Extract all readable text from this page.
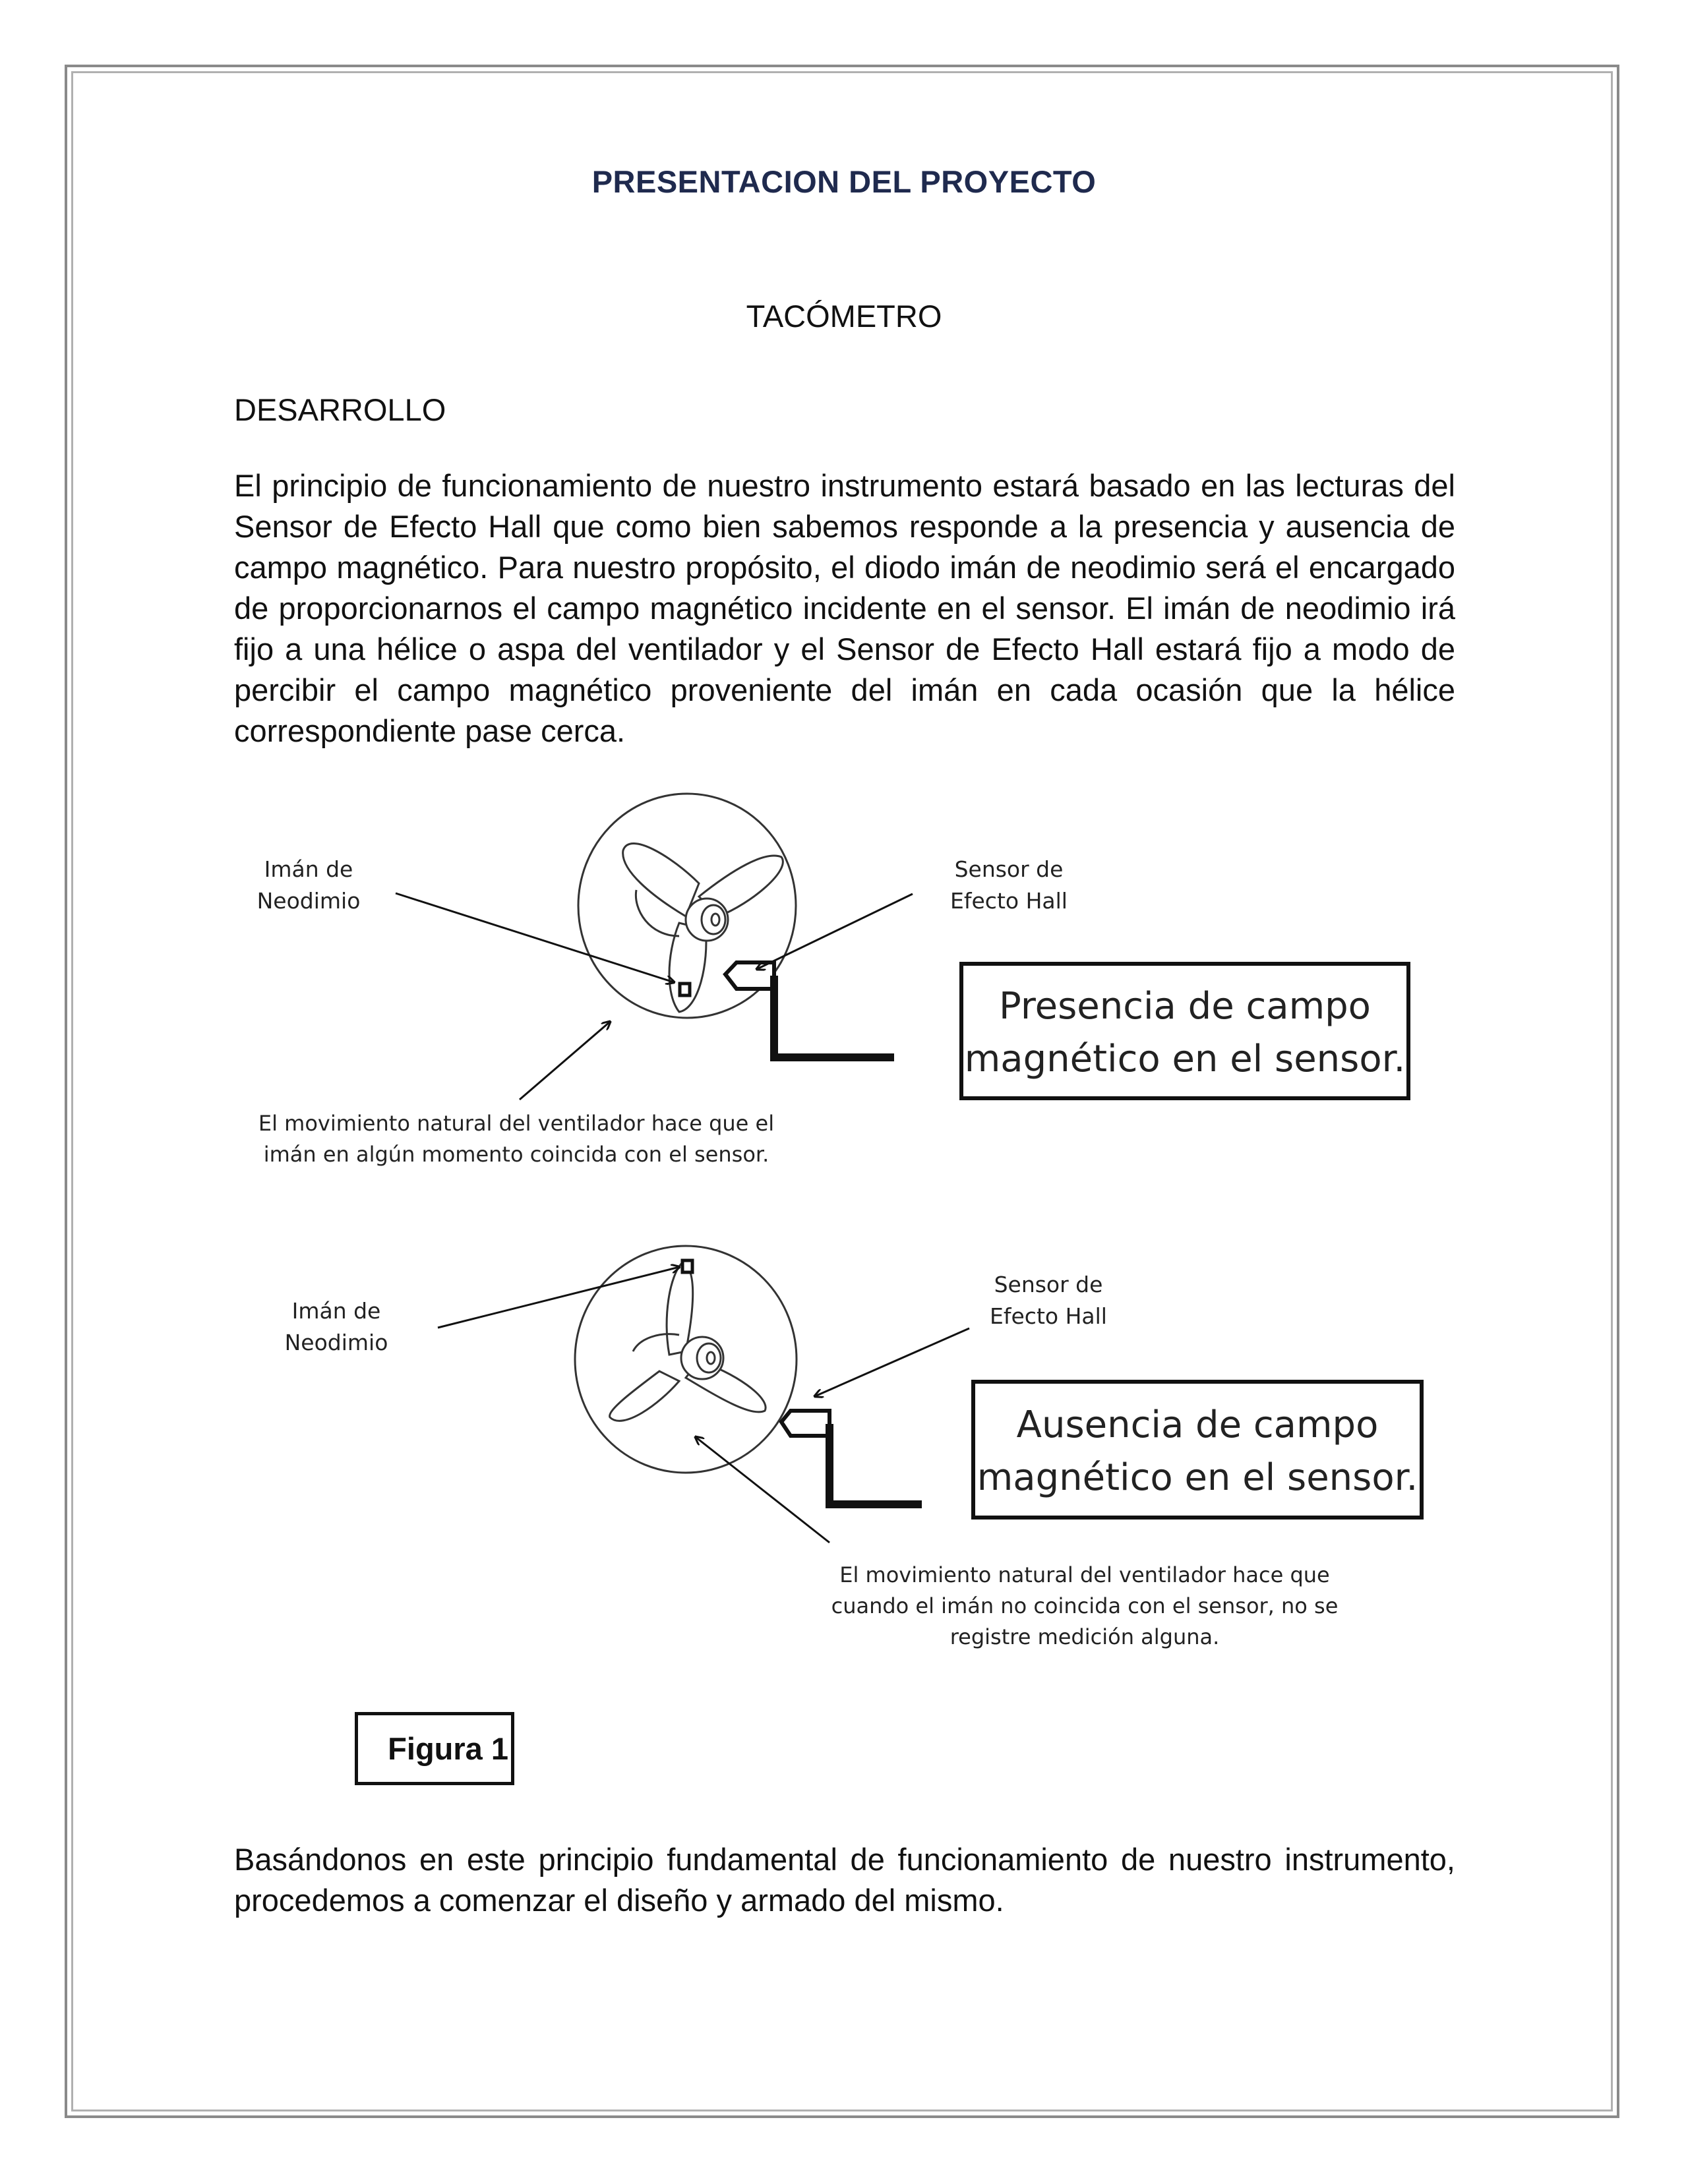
PRESENTACION DEL PROYECTO
TACÓMETRO
DESARROLLO

El principio de funcionamiento de nuestro instrumento estará basado en las lecturas del Sensor de Efecto Hall que como bien sabemos responde a la presencia y ausencia de campo magnético. Para nuestro propósito, el diodo imán de neodimio será el encargado de proporcionarnos el campo magnético incidente en el sensor. El imán de neodimio irá fijo a una hélice o aspa del ventilador y el Sensor de Efecto Hall estará fijo a modo de percibir el campo magnético proveniente del imán en cada ocasión que la hélice correspondiente pase cerca.

Imán de
Neodimio
Sensor de
Efecto Hall
Presencia de campo
magnético en el sensor.
El movimiento natural del ventilador hace que el
imán en algún momento coincida con el sensor.
Imán de
Neodimio
Sensor de
Efecto Hall
Ausencia de campo
magnético en el sensor.
El movimiento natural del ventilador hace que
cuando el imán no coincida con el sensor, no se
registre medición alguna.
Figura 1

Basándonos en este principio fundamental de funcionamiento de nuestro instrumento, procedemos a comenzar el diseño y armado del mismo.
